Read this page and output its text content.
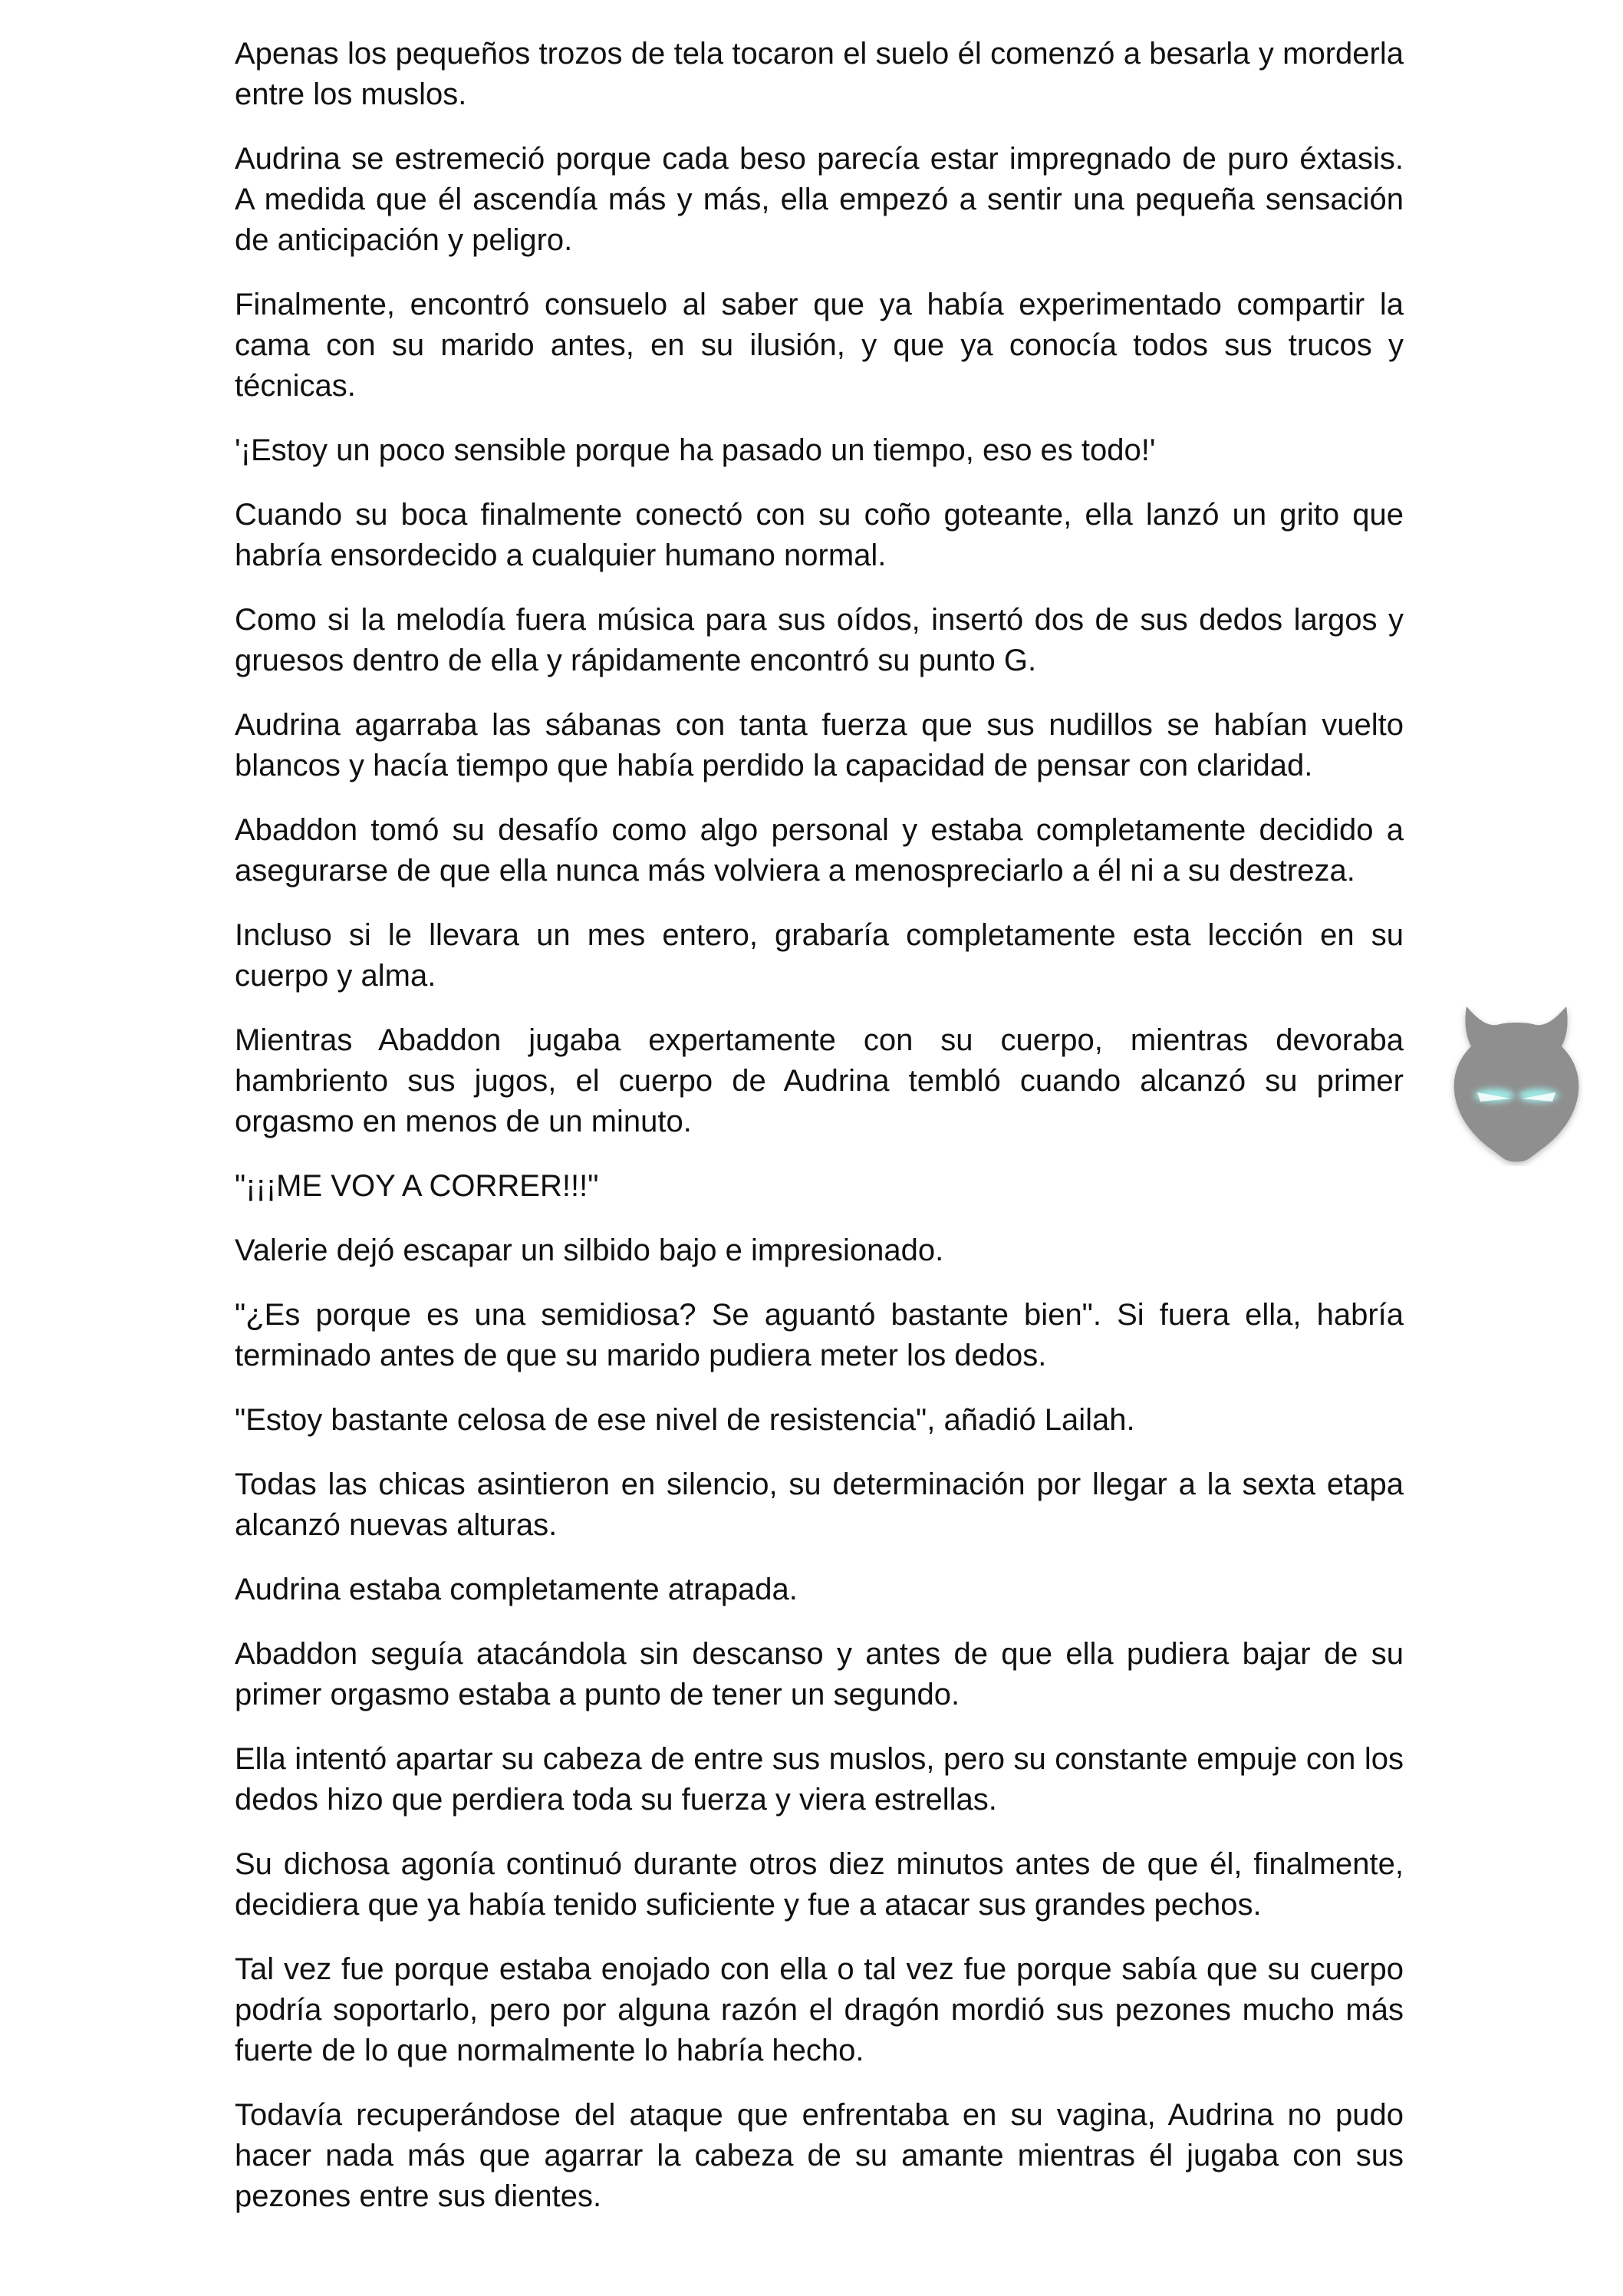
Apenas los pequeños trozos de tela tocaron el suelo él comenzó a besarla y morderla entre los muslos.

Audrina se estremeció porque cada beso parecía estar impregnado de puro éxtasis. A medida que él ascendía más y más, ella empezó a sentir una pequeña sensación de anticipación y peligro.

Finalmente, encontró consuelo al saber que ya había experimentado compartir la cama con su marido antes, en su ilusión, y que ya conocía todos sus trucos y técnicas.

'¡Estoy un poco sensible porque ha pasado un tiempo, eso es todo!'

Cuando su boca finalmente conectó con su coño goteante, ella lanzó un grito que habría ensordecido a cualquier humano normal.

Como si la melodía fuera música para sus oídos, insertó dos de sus dedos largos y gruesos dentro de ella y rápidamente encontró su punto G.

Audrina agarraba las sábanas con tanta fuerza que sus nudillos se habían vuelto blancos y hacía tiempo que había perdido la capacidad de pensar con claridad.

Abaddon tomó su desafío como algo personal y estaba completamente decidido a asegurarse de que ella nunca más volviera a menospreciarlo a él ni a su destreza.

Incluso si le llevara un mes entero, grabaría completamente esta lección en su cuerpo y alma.

Mientras Abaddon jugaba expertamente con su cuerpo, mientras devoraba hambriento sus jugos, el cuerpo de Audrina tembló cuando alcanzó su primer orgasmo en menos de un minuto.

"¡¡¡ME VOY A CORRER!!!"

Valerie dejó escapar un silbido bajo e impresionado.

"¿Es porque es una semidiosa? Se aguantó bastante bien". Si fuera ella, habría terminado antes de que su marido pudiera meter los dedos.

"Estoy bastante celosa de ese nivel de resistencia", añadió Lailah.

Todas las chicas asintieron en silencio, su determinación por llegar a la sexta etapa alcanzó nuevas alturas.

Audrina estaba completamente atrapada.

Abaddon seguía atacándola sin descanso y antes de que ella pudiera bajar de su primer orgasmo estaba a punto de tener un segundo.

Ella intentó apartar su cabeza de entre sus muslos, pero su constante empuje con los dedos hizo que perdiera toda su fuerza y viera estrellas.

Su dichosa agonía continuó durante otros diez minutos antes de que él, finalmente, decidiera que ya había tenido suficiente y fue a atacar sus grandes pechos.

Tal vez fue porque estaba enojado con ella o tal vez fue porque sabía que su cuerpo podría soportarlo, pero por alguna razón el dragón mordió sus pezones mucho más fuerte de lo que normalmente lo habría hecho.

Todavía recuperándose del ataque que enfrentaba en su vagina, Audrina no pudo hacer nada más que agarrar la cabeza de su amante mientras él jugaba con sus pezones entre sus dientes.
